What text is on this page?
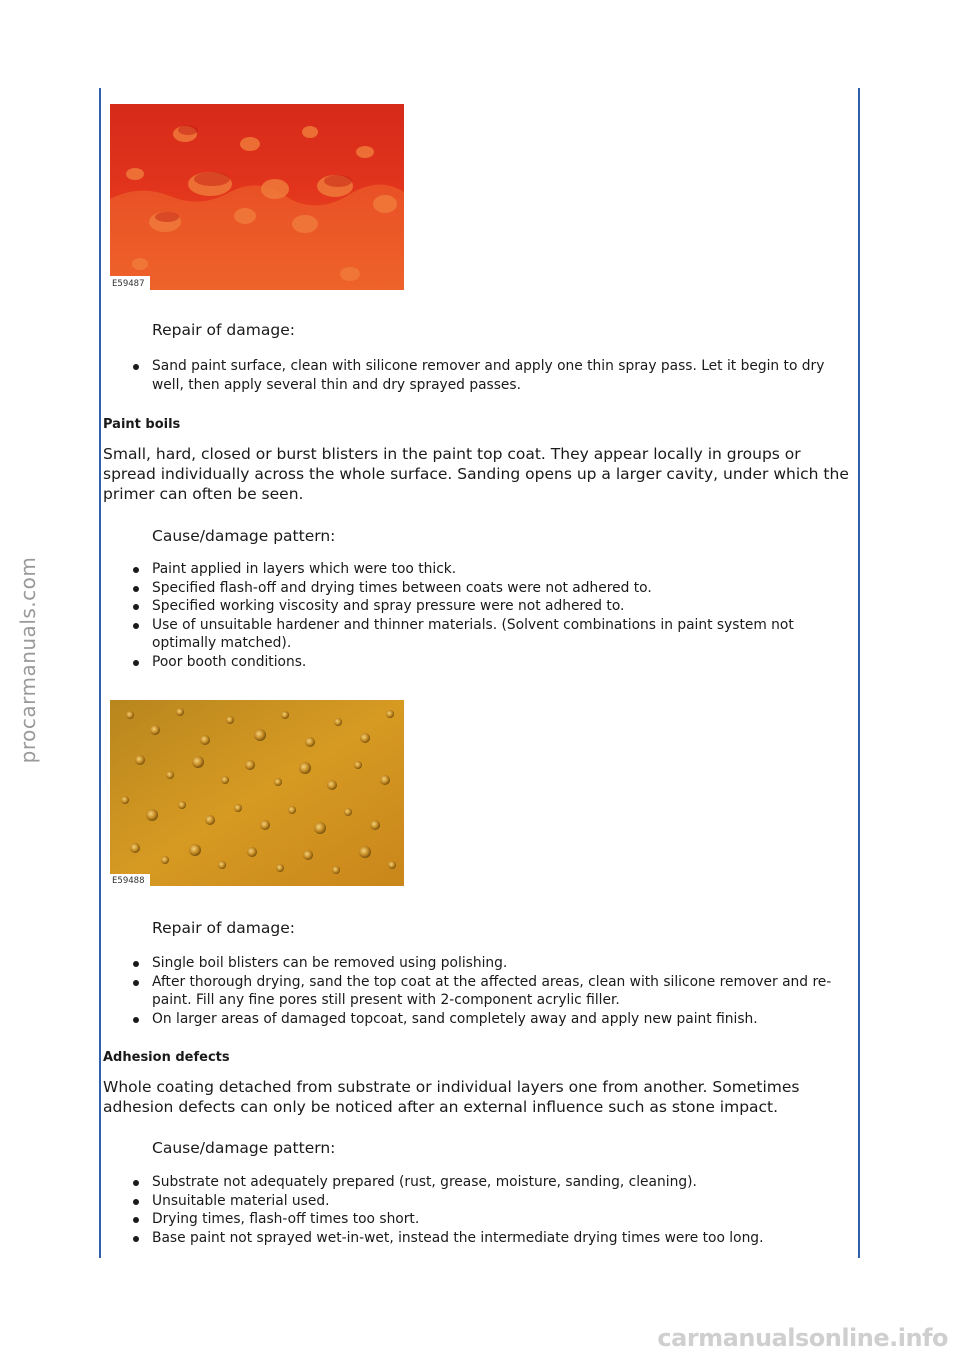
procarmanuals.com
E59487
Repair of damage:
Sand paint surface, clean with silicone remover and apply one thin spray pass. Let it begin to dry well, then apply several thin and dry sprayed passes.
Paint boils
Small, hard, closed or burst blisters in the paint top coat. They appear locally in groups or spread individually across the whole surface. Sanding opens up a larger cavity, under which the primer can often be seen.
Cause/damage pattern:
Paint applied in layers which were too thick.
Specified flash-off and drying times between coats were not adhered to.
Specified working viscosity and spray pressure were not adhered to.
Use of unsuitable hardener and thinner materials. (Solvent combinations in paint system not optimally matched).
Poor booth conditions.
E59488
Repair of damage:
Single boil blisters can be removed using polishing.
After thorough drying, sand the top coat at the affected areas, clean with silicone remover and re-paint. Fill any fine pores still present with 2-component acrylic filler.
On larger areas of damaged topcoat, sand completely away and apply new paint finish.
Adhesion defects
Whole coating detached from substrate or individual layers one from another. Sometimes adhesion defects can only be noticed after an external influence such as stone impact.
Cause/damage pattern:
Substrate not adequately prepared (rust, grease, moisture, sanding, cleaning).
Unsuitable material used.
Drying times, flash-off times too short.
Base paint not sprayed wet-in-wet, instead the intermediate drying times were too long.
carmanualsonline.info
